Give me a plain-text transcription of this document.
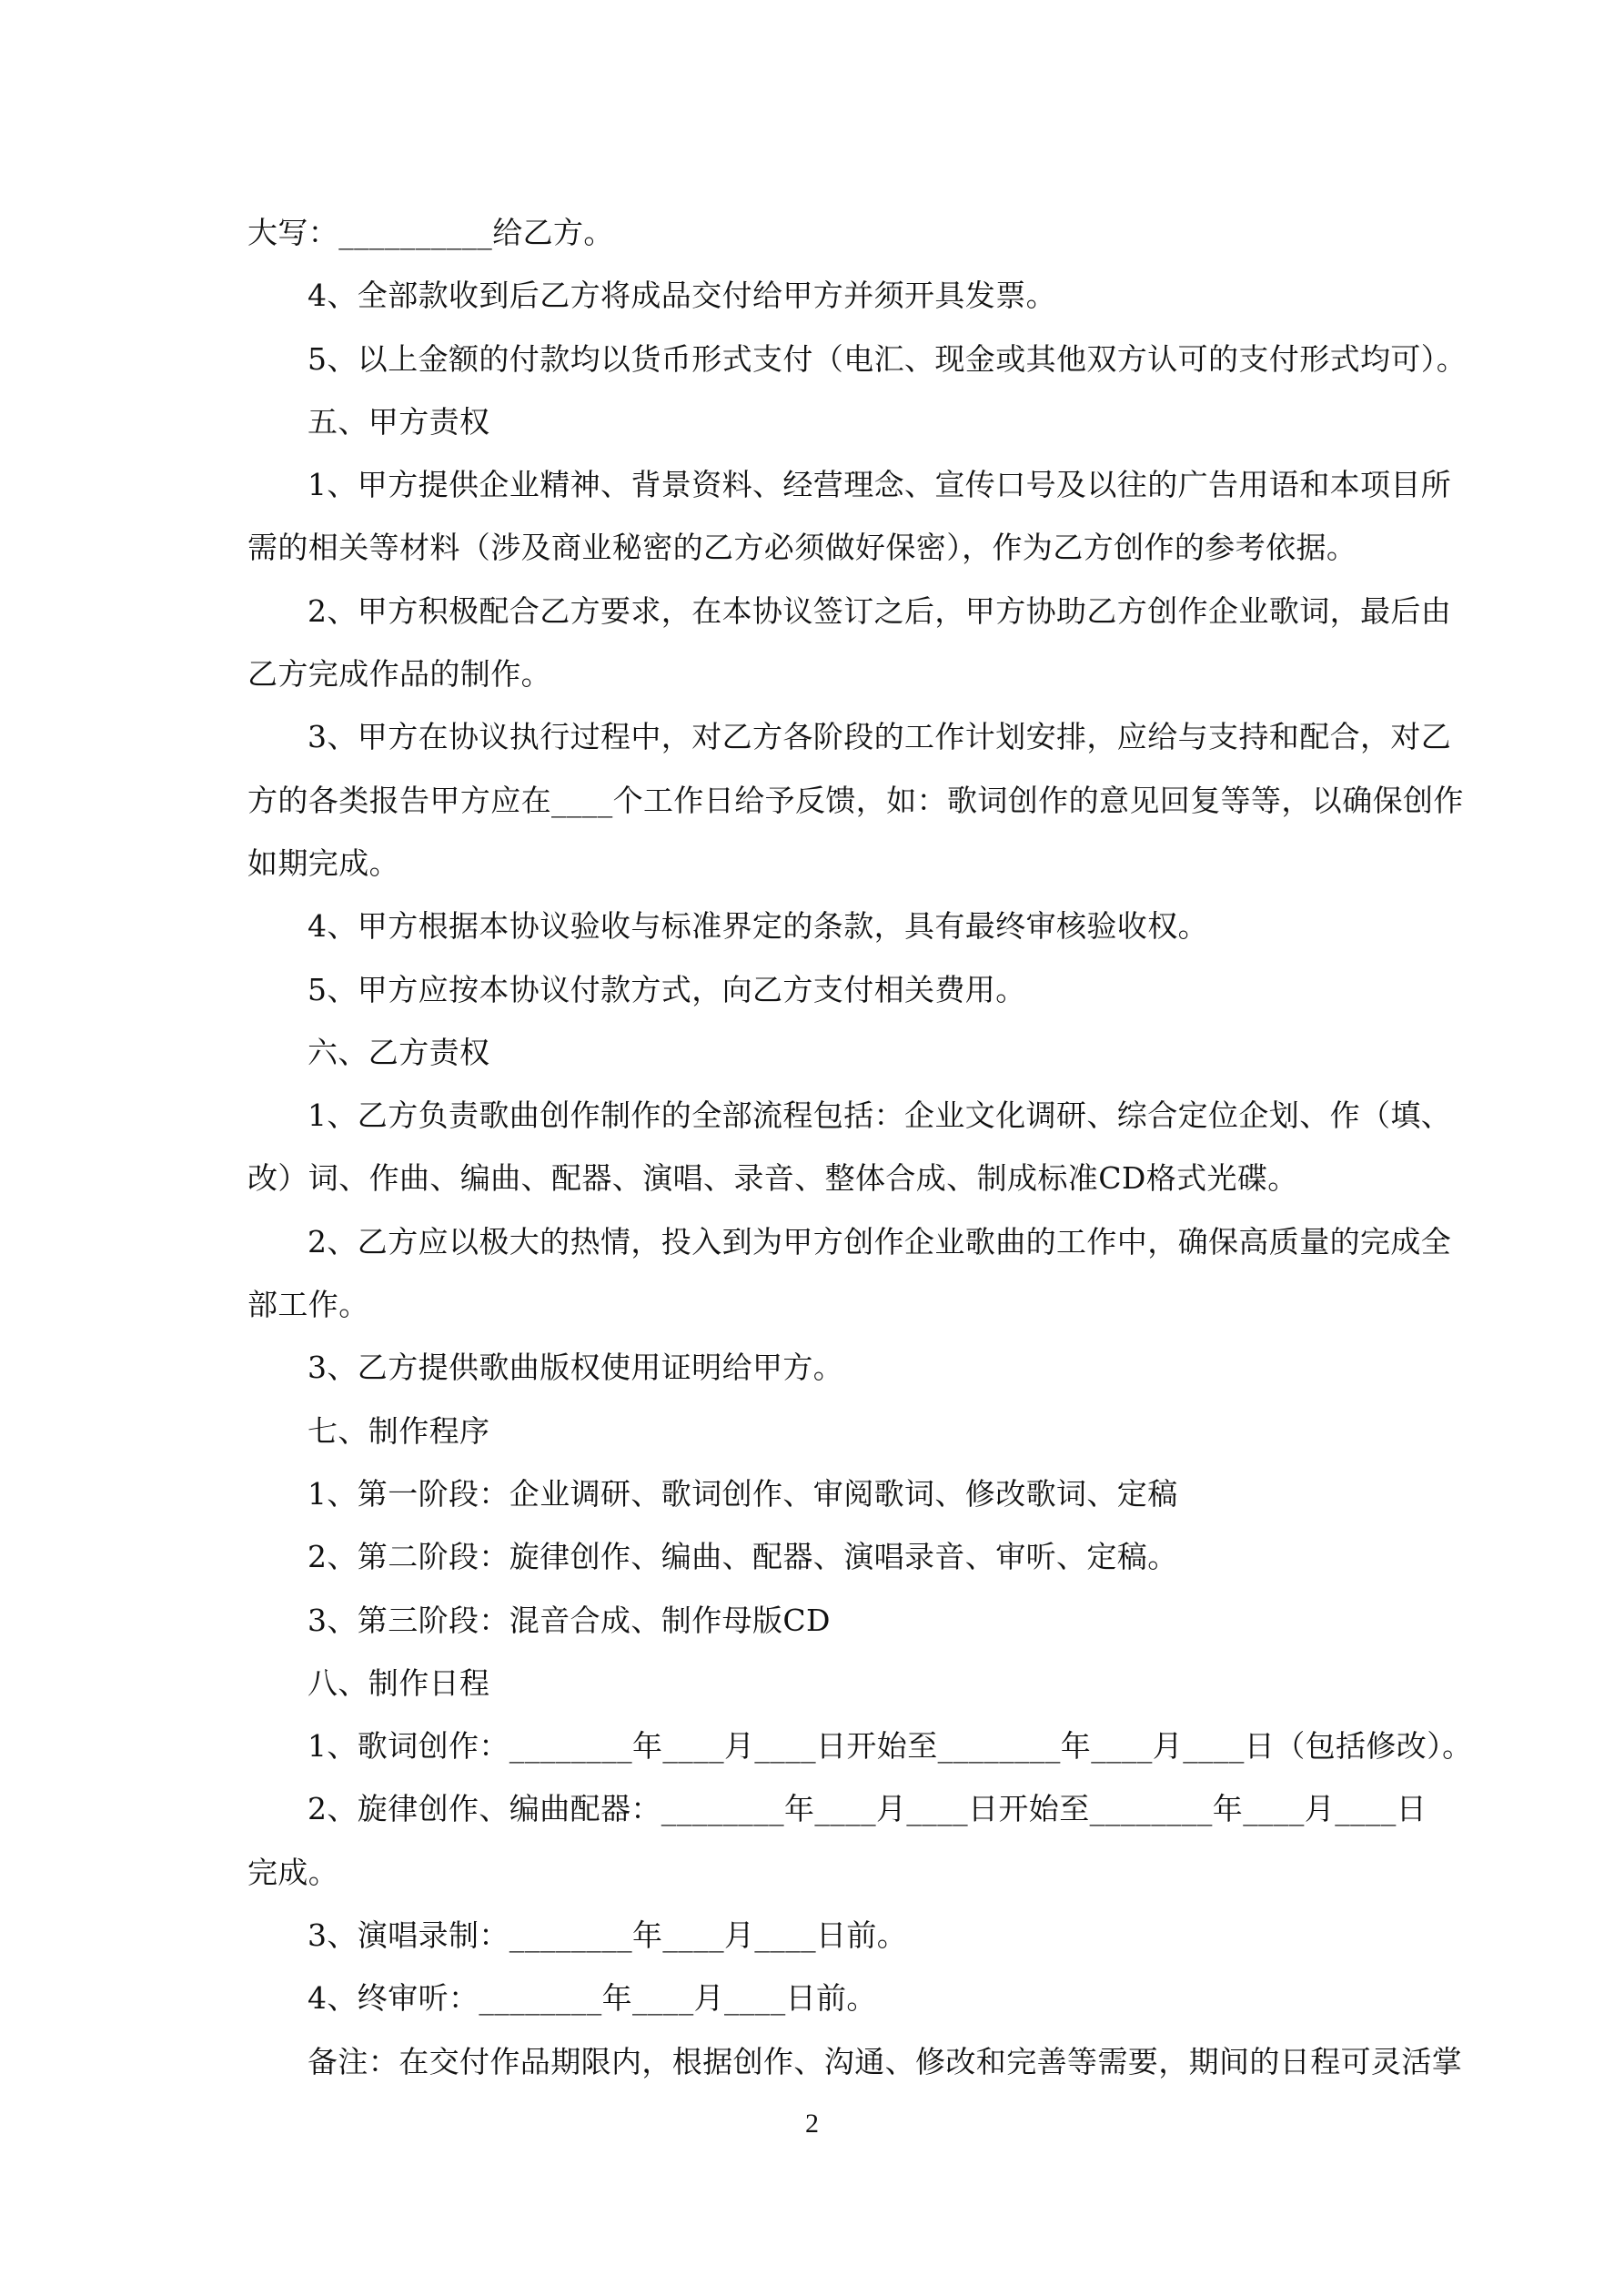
大写：__________给乙方。
4、全部款收到后乙方将成品交付给甲方并须开具发票。
5、以上金额的付款均以货币形式支付（电汇、现金或其他双方认可的支付形式均可）。
五、甲方责权
1、甲方提供企业精神、背景资料、经营理念、宣传口号及以往的广告用语和本项目所
需的相关等材料（涉及商业秘密的乙方必须做好保密），作为乙方创作的参考依据。
2、甲方积极配合乙方要求，在本协议签订之后，甲方协助乙方创作企业歌词，最后由
乙方完成作品的制作。
3、甲方在协议执行过程中，对乙方各阶段的工作计划安排，应给与支持和配合，对乙
方的各类报告甲方应在____个工作日给予反馈，如：歌词创作的意见回复等等，以确保创作
如期完成。
4、甲方根据本协议验收与标准界定的条款，具有最终审核验收权。
5、甲方应按本协议付款方式，向乙方支付相关费用。
六、乙方责权
1、乙方负责歌曲创作制作的全部流程包括：企业文化调研、综合定位企划、作（填、
改）词、作曲、编曲、配器、演唱、录音、整体合成、制成标准CD格式光碟。
2、乙方应以极大的热情，投入到为甲方创作企业歌曲的工作中，确保高质量的完成全
部工作。
3、乙方提供歌曲版权使用证明给甲方。
七、制作程序
1、第一阶段：企业调研、歌词创作、审阅歌词、修改歌词、定稿
2、第二阶段：旋律创作、编曲、配器、演唱录音、审听、定稿。
3、第三阶段：混音合成、制作母版CD
八、制作日程
1、歌词创作：________年____月____日开始至________年____月____日（包括修改）。
2、旋律创作、编曲配器：________年____月____日开始至________年____月____日
完成。
3、演唱录制：________年____月____日前。
4、终审听：________年____月____日前。
备注：在交付作品期限内，根据创作、沟通、修改和完善等需要，期间的日程可灵活掌
2
